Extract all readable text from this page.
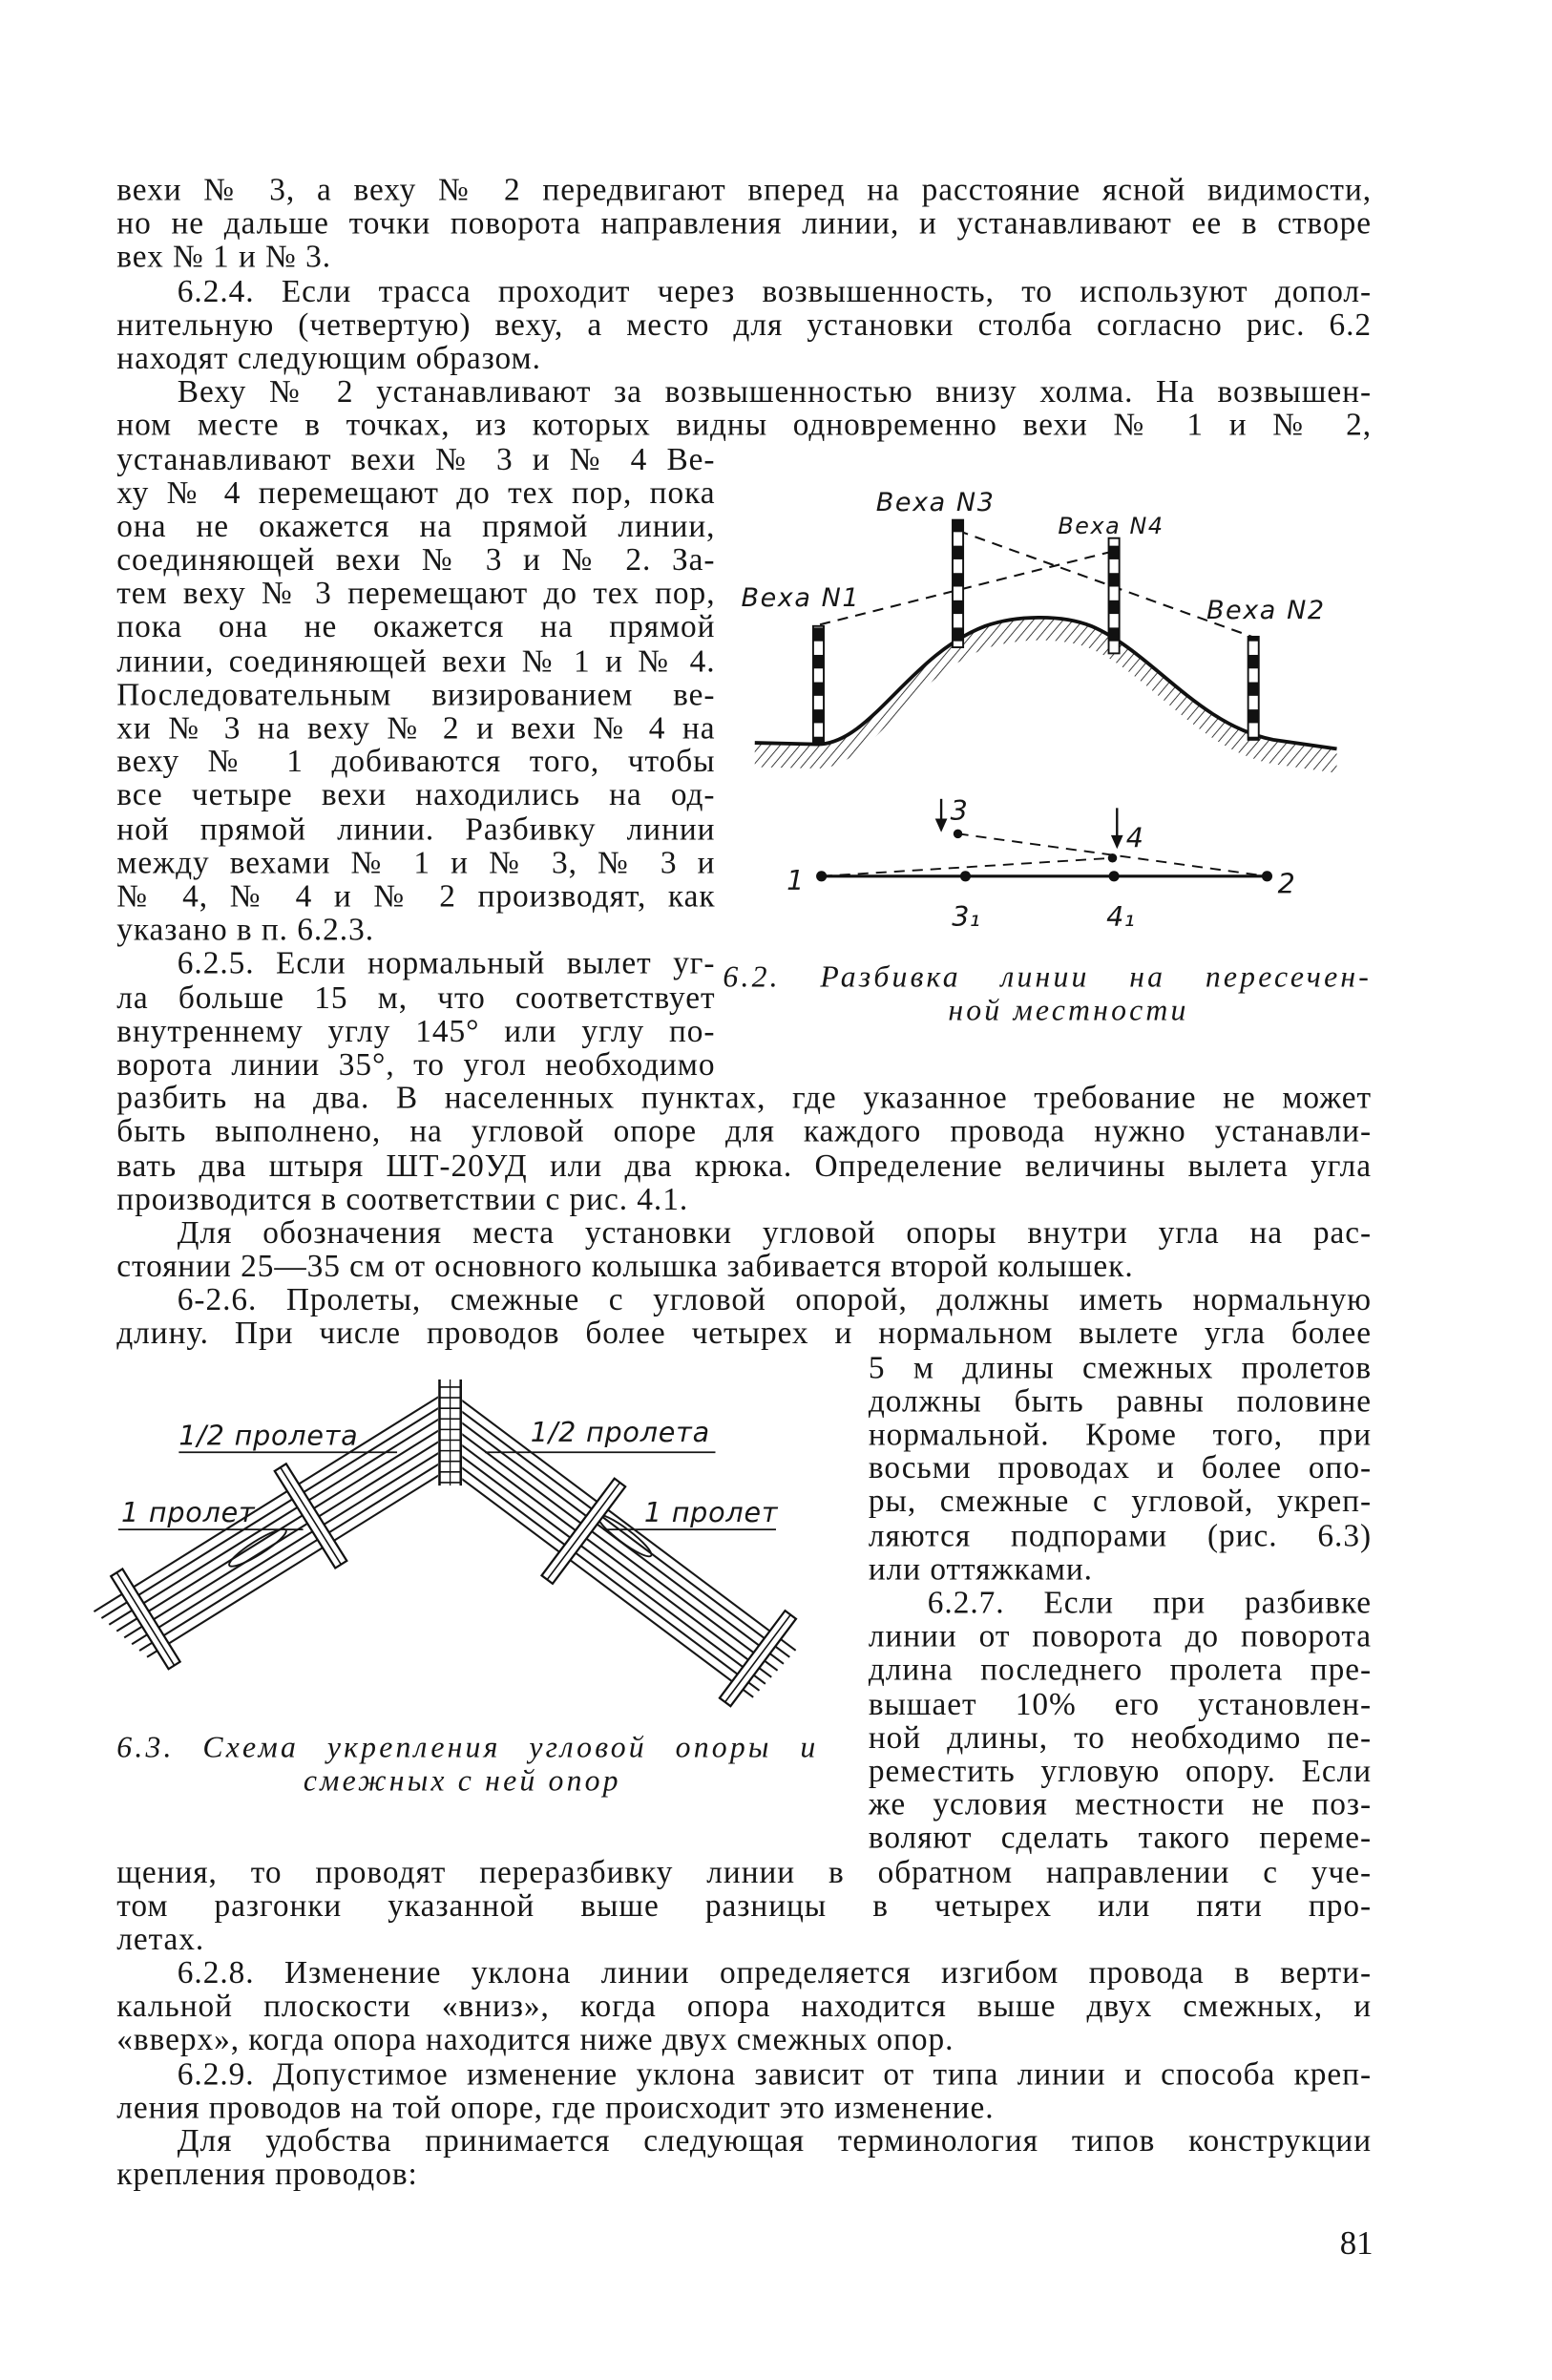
вехи № 3, а веху № 2 передвигают вперед на расстояние ясной видимости,
но не дальше точки поворота направления линии, и устанавливают ее в створе
вех № 1 и № 3.
6.2.4. Если трасса проходит через возвышенность, то используют допол-
нительную (четвертую) веху, а место для установки столба согласно рис. 6.2
находят следующим образом.
Веху № 2 устанавливают за возвышенностью внизу холма. На возвышен-
ном месте в точках, из которых видны одновременно вехи № 1 и № 2,
устанавливают вехи № 3 и № 4 Ве-
ху № 4 перемещают до тех пор, пока
она не окажется на прямой линии,
соединяющей вехи № 3 и № 2. За-
тем веху № 3 перемещают до тех пор,
пока она не окажется на прямой
линии, соединяющей вехи № 1 и № 4.
Последовательным визированием ве-
хи № 3 на веху № 2 и вехи № 4 на
веху № 1 добиваются того, чтобы
все четыре вехи находились на од-
ной прямой линии. Разбивку линии
между вехами № 1 и № 3, № 3 и
№ 4, № 4 и № 2 производят, как
указано в п. 6.2.3.
6.2.5. Если нормальный вылет уг-
ла больше 15 м, что соответствует
внутреннему углу 145° или углу по-
ворота линии 35°, то угол необходимо
разбить на два. В населенных пунктах, где указанное требование не может
быть выполнено, на угловой опоре для каждого провода нужно устанавли-
вать два штыря ШТ-20УД или два крюка. Определение величины вылета угла
производится в соответствии с рис. 4.1.
Для обозначения места установки угловой опоры внутри угла на рас-
стоянии 25—35 см от основного колышка забивается второй колышек.
6-2.6. Пролеты, смежные с угловой опорой, должны иметь нормальную
длину. При числе проводов более четырех и нормальном вылете угла более
5 м длины смежных пролетов
должны быть равны половине
нормальной. Кроме того, при
восьми проводах и более опо-
ры, смежные с угловой, укреп-
ляются подпорами (рис. 6.3)
или оттяжками.
6.2.7. Если при разбивке
линии от поворота до поворота
длина последнего пролета пре-
вышает 10% его установлен-
ной длины, то необходимо пе-
реместить угловую опору. Если
же условия местности не поз-
воляют сделать такого переме-
щения, то проводят переразбивку линии в обратном направлении с уче-
том разгонки указанной выше разницы в четырех или пяти про-
летах.
6.2.8. Изменение уклона линии определяется изгибом провода в верти-
кальной плоскости «вниз», когда опора находится выше двух смежных, и
«вверх», когда опора находится ниже двух смежных опор.
6.2.9. Допустимое изменение уклона зависит от типа линии и способа креп-
ления проводов на той опоре, где происходит это изменение.
Для удобства принимается следующая терминология типов конструкции
крепления проводов:
Веха N3
Веха N4
Веха N1	Веха N2
3
4
1	2
3₁	4₁
6.2. Разбивка линии на пересечен-
ной местности
1/2 пролета	1/2 пролета
1 пролет	1 пролет
6.3. Схема укрепления угловой опоры и
смежных с ней опор
81
